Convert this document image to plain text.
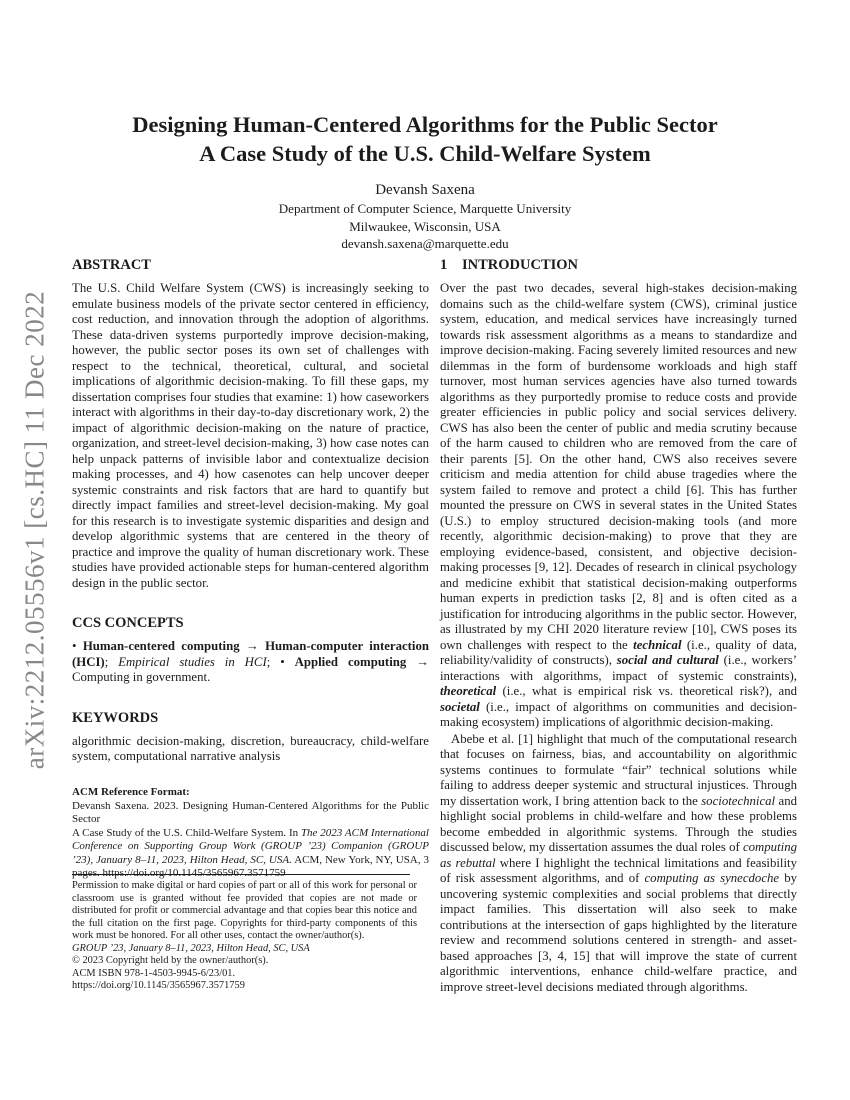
arXiv:2212.05556v1 [cs.HC] 11 Dec 2022
Designing Human-Centered Algorithms for the Public Sector
A Case Study of the U.S. Child-Welfare System
Devansh Saxena
Department of Computer Science, Marquette University
Milwaukee, Wisconsin, USA
devansh.saxena@marquette.edu
ABSTRACT

The U.S. Child Welfare System (CWS) is increasingly seeking to emulate business models of the private sector centered in efficiency, cost reduction, and innovation through the adoption of algorithms. These data-driven systems purportedly improve decision-making, however, the public sector poses its own set of challenges with respect to the technical, theoretical, cultural, and societal implications of algorithmic decision-making. To fill these gaps, my dissertation comprises four studies that examine: 1) how caseworkers interact with algorithms in their day-to-day discretionary work, 2) the impact of algorithmic decision-making on the nature of practice, organization, and street-level decision-making, 3) how case notes can help unpack patterns of invisible labor and contextualize decision making processes, and 4) how casenotes can help uncover deeper systemic constraints and risk factors that are hard to quantify but directly impact families and street-level decision-making. My goal for this research is to investigate systemic disparities and design and develop algorithmic systems that are centered in the theory of practice and improve the quality of human discretionary work. These studies have provided actionable steps for human-centered algorithm design in the public sector.

CCS CONCEPTS

• Human-centered computing → Human-computer interaction (HCI); Empirical studies in HCI; • Applied computing → Computing in government.

KEYWORDS

algorithmic decision-making, discretion, bureaucracy, child-welfare system, computational narrative analysis

ACM Reference Format:

Devansh Saxena. 2023. Designing Human-Centered Algorithms for the Public Sector
A Case Study of the U.S. Child-Welfare System. In The 2023 ACM International Conference on Supporting Group Work (GROUP ’23) Companion (GROUP ’23), January 8–11, 2023, Hilton Head, SC, USA. ACM, New York, NY, USA, 3 pages. https://doi.org/10.1145/3565967.3571759

Permission to make digital or hard copies of part or all of this work for personal or classroom use is granted without fee provided that copies are not made or distributed for profit or commercial advantage and that copies bear this notice and the full citation on the first page. Copyrights for third-party components of this work must be honored. For all other uses, contact the owner/author(s).

GROUP ’23, January 8–11, 2023, Hilton Head, SC, USA

© 2023 Copyright held by the owner/author(s).

ACM ISBN 978-1-4503-9945-6/23/01.

https://doi.org/10.1145/3565967.3571759

1 INTRODUCTION

Over the past two decades, several high-stakes decision-making domains such as the child-welfare system (CWS), criminal justice system, education, and medical services have increasingly turned towards risk assessment algorithms as a means to standardize and improve decision-making. Facing severely limited resources and new dilemmas in the form of burdensome workloads and high staff turnover, most human services agencies have also turned towards algorithms as they purportedly promise to reduce costs and provide greater efficiencies in public policy and social services delivery. CWS has also been the center of public and media scrutiny because of the harm caused to children who are removed from the care of their parents [5]. On the other hand, CWS also receives severe criticism and media attention for child abuse tragedies where the system failed to remove and protect a child [6]. This has further mounted the pressure on CWS in several states in the United States (U.S.) to employ structured decision-making tools (and more recently, algorithmic decision-making) to prove that they are employing evidence-based, consistent, and objective decision-making processes [9, 12]. Decades of research in clinical psychology and medicine exhibit that statistical decision-making outperforms human experts in prediction tasks [2, 8] and is often cited as a justification for introducing algorithms in the public sector. However, as illustrated by my CHI 2020 literature review [10], CWS poses its own challenges with respect to the technical (i.e., quality of data, reliability/validity of constructs), social and cultural (i.e., workers’ interactions with algorithms, impact of systemic constraints), theoretical (i.e., what is empirical risk vs. theoretical risk?), and societal (i.e., impact of algorithms on communities and decision-making ecosystem) implications of algorithmic decision-making.

Abebe et al. [1] highlight that much of the computational research that focuses on fairness, bias, and accountability on algorithmic systems continues to formulate “fair” technical solutions while failing to address deeper systemic and structural injustices. Through my dissertation work, I bring attention back to the sociotechnical and highlight social problems in child-welfare and how these problems become embedded in algorithmic systems. Through the studies discussed below, my dissertation assumes the dual roles of computing as rebuttal where I highlight the technical limitations and feasibility of risk assessment algorithms, and of computing as synecdoche by uncovering systemic complexities and social problems that directly impact families. This dissertation will also seek to make contributions at the intersection of gaps highlighted by the literature review and recommend solutions centered in strength- and asset-based approaches [3, 4, 15] that will improve the state of current algorithmic interventions, enhance child-welfare practice, and improve street-level decisions mediated through algorithms.
